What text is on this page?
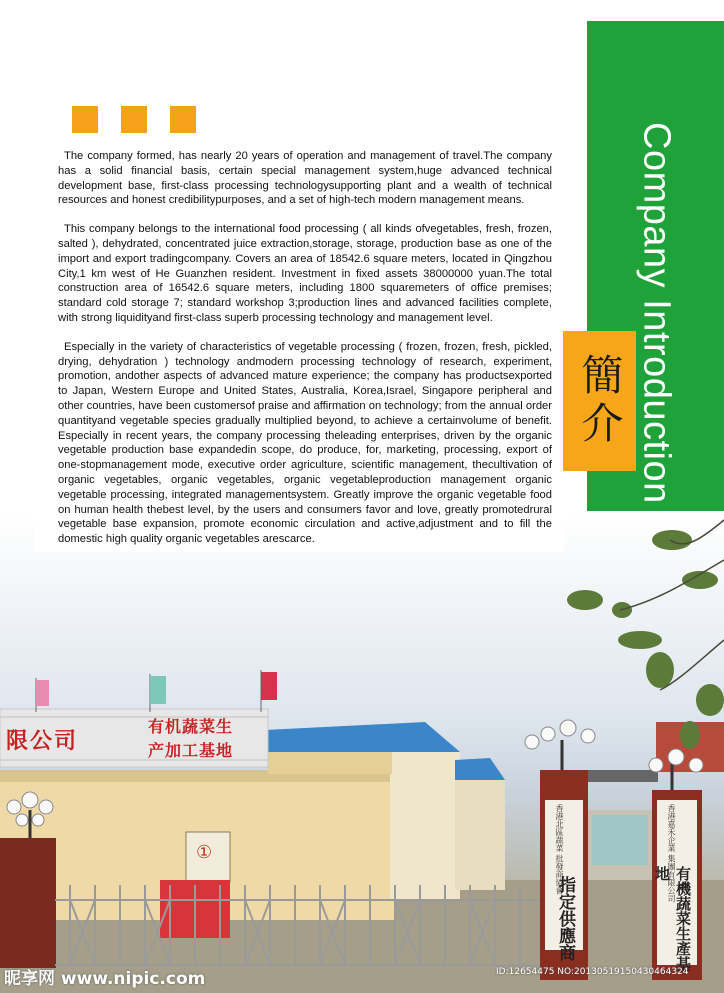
限公司
有机蔬菜生
产加工基地
①	香港北區蔬菜 批發商協會
指定供應商
香港嘉禾企業 集團有限公司
有機蔬菜生產基地

The company formed, has nearly 20 years of operation and management of travel.The company has a solid financial basis, certain special management system,huge advanced technical development base, first-class processing technologysupporting plant and a wealth of technical resources and honest credibilitypurposes, and a set of high-tech modern management means.

This company belongs to the international food processing ( all kinds ofvegetables, fresh, frozen, salted ), dehydrated, concentrated juice extraction,storage, storage, production base as one of the import and export tradingcompany. Covers an area of 18542.6 square meters, located in Qingzhou City,1 km west of He Guanzhen resident. Investment in fixed assets 38000000 yuan.The total construction area of 16542.6 square meters, including 1800 squaremeters of office premises; standard cold storage 7; standard workshop 3;production lines and advanced facilities complete, with strong liquidityand first-class superb processing technology and management level.

Especially in the variety of characteristics of vegetable processing ( frozen, frozen, fresh, pickled, drying, dehydration ) technology andmodern processing technology of research, experiment, promotion, andother aspects of advanced mature experience; the company has productsexported to Japan, Western Europe and United States, Australia, Korea,Israel, Singapore peripheral and other countries, have been customersof praise and affirmation on technology; from the annual order quantityand vegetable species gradually multiplied beyond, to achieve a certainvolume of benefit. Especially in recent years, the company processing theleading enterprises, driven by the organic vegetable production base expandedin scope, do produce, for, marketing, processing, export of one-stopmanagement mode, executive order agriculture, scientific management, thecultivation of organic vegetables, organic vegetables, organic vegetableproduction management organic vegetable processing, integrated managementsystem. Greatly improve the organic vegetable food on human health thebest level, by the users and consumers favor and love, greatly promotedrural vegetable base expansion, promote economic circulation and active,adjustment and to fill the domestic high quality organic vegetables arescarce.

Company Introduction
簡介
昵享网 www.nipic.com	ID:12654475 NO:20130519150430464324
